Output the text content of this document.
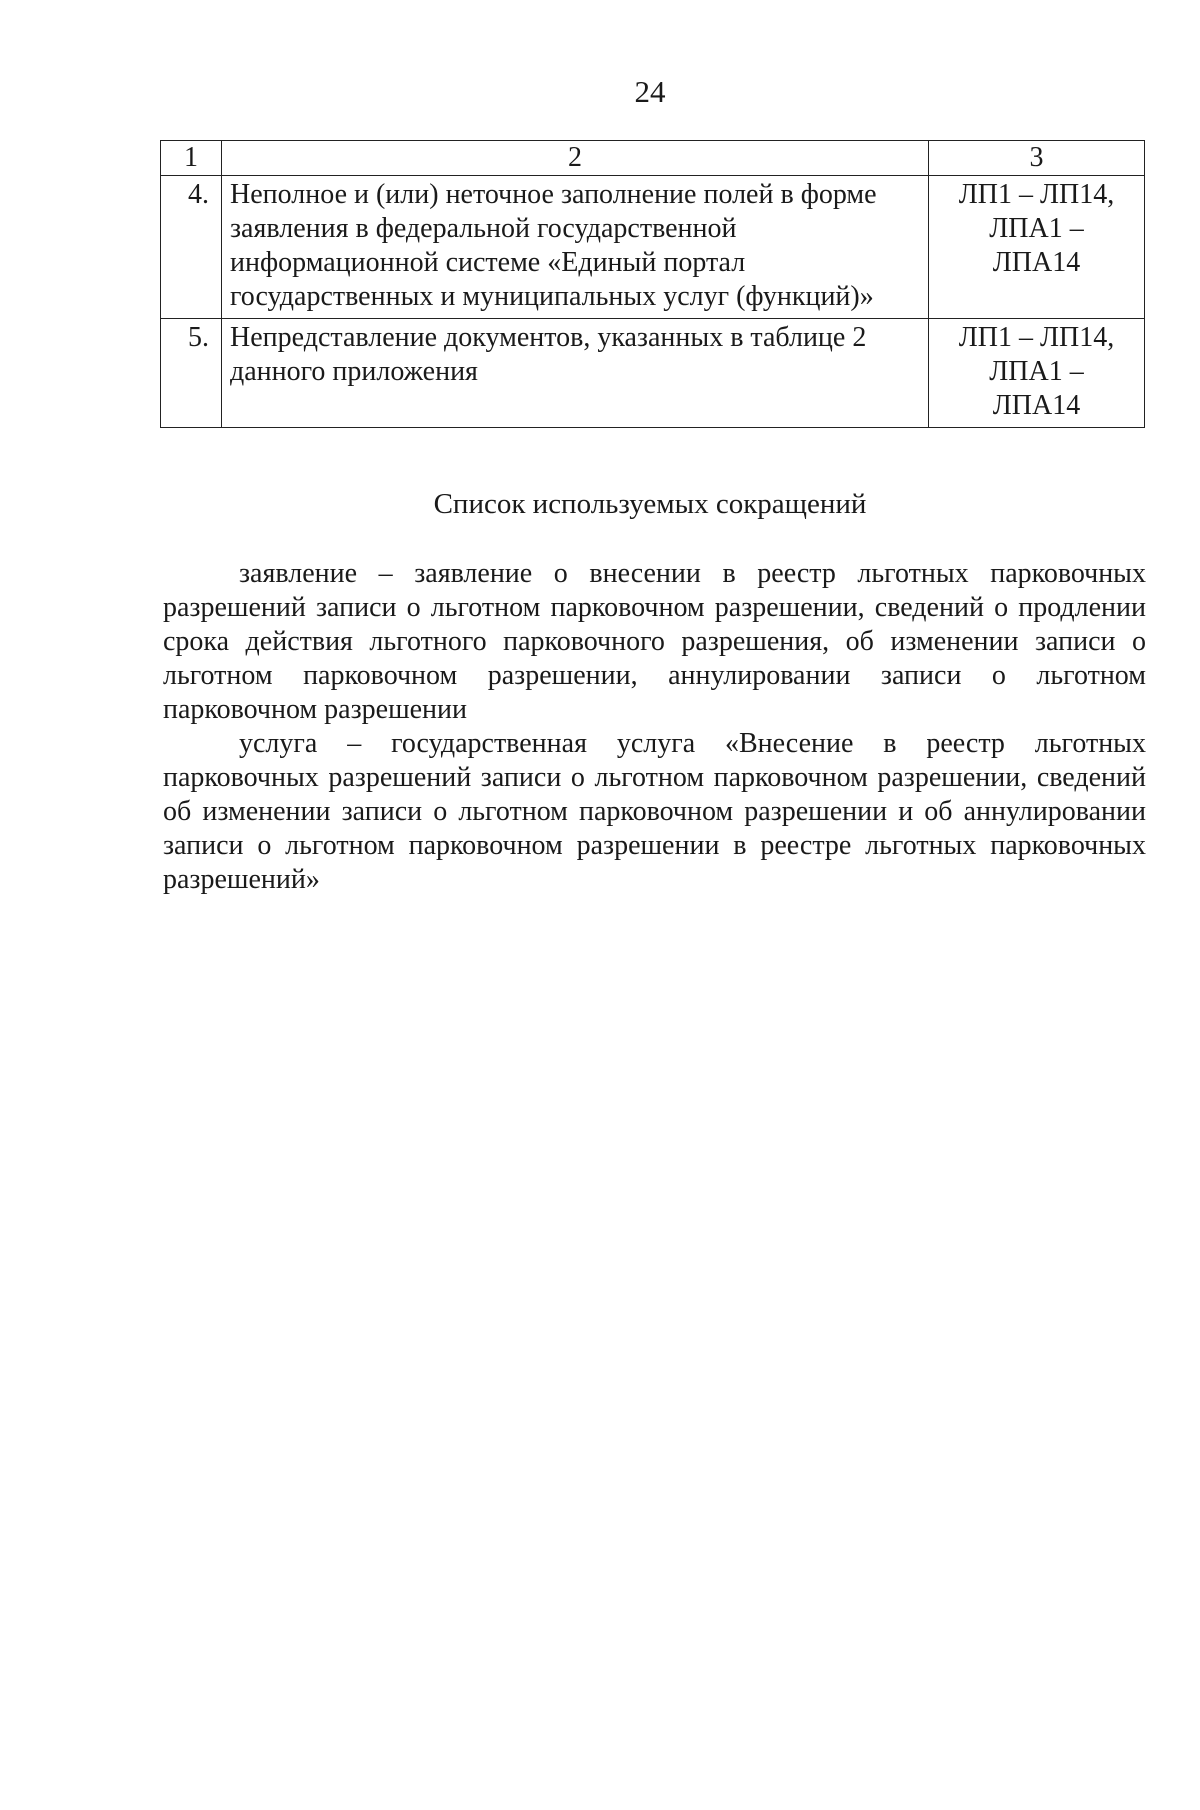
24
1	2	3
4.	Неполное и (или) неточное заполнение полей в форме заявления в федеральной государственной информационной системе «Единый портал государственных и муниципальных услуг (функций)»	ЛП1 – ЛП14,
ЛПА1 –
ЛПА14

5.	Непредставление документов, указанных в таблице 2 данного приложения	ЛП1 – ЛП14,
ЛПА1 –
ЛПА14
Список используемых сокращений

заявление – заявление о внесении в реестр льготных парковочных разрешений записи о льготном парковочном разрешении, сведений о продлении срока действия льготного парковочного разрешения, об изменении записи о льготном парковочном разрешении, аннулировании записи о льготном парковочном разрешении

услуга – государственная услуга «Внесение в реестр льготных парковочных разрешений записи о льготном парковочном разрешении, сведений об изменении записи о льготном парковочном разрешении и об аннулировании записи о льготном парковочном разрешении в реестре льготных парковочных разрешений»
